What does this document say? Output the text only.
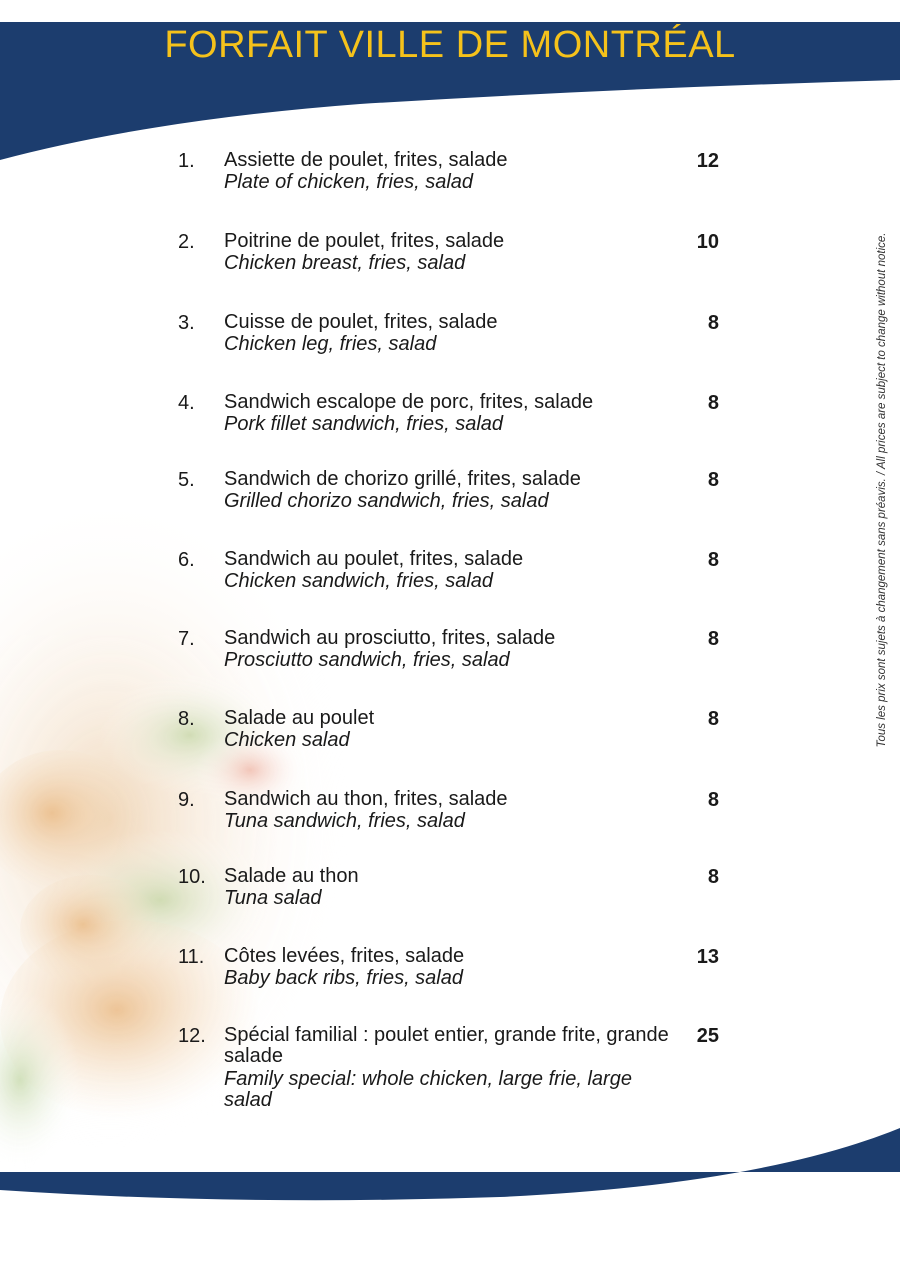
FORFAIT VILLE DE MONTRÉAL
1. Assiette de poulet, frites, salade
Plate of chicken, fries, salad
12
2. Poitrine de poulet, frites, salade
Chicken breast, fries, salad
10
3. Cuisse de poulet, frites, salade
Chicken leg, fries, salad
8
4. Sandwich escalope de porc, frites, salade
Pork fillet sandwich, fries, salad
8
5. Sandwich de chorizo grillé, frites, salade
Grilled chorizo sandwich, fries, salad
8
6. Sandwich au poulet, frites, salade
Chicken sandwich, fries, salad
8
7. Sandwich au prosciutto, frites, salade
Prosciutto sandwich, fries, salad
8
8. Salade au poulet
Chicken salad
8
9. Sandwich au thon, frites, salade
Tuna sandwich, fries, salad
8
10. Salade au thon
Tuna salad
8
11. Côtes levées, frites, salade
Baby back ribs, fries, salad
13
12. Spécial familial : poulet entier, grande frite, grande salade
Family special: whole chicken, large frie, large salad
25
Tous les prix sont sujets à changement sans préavis. / All prices are subject to change without notice.
